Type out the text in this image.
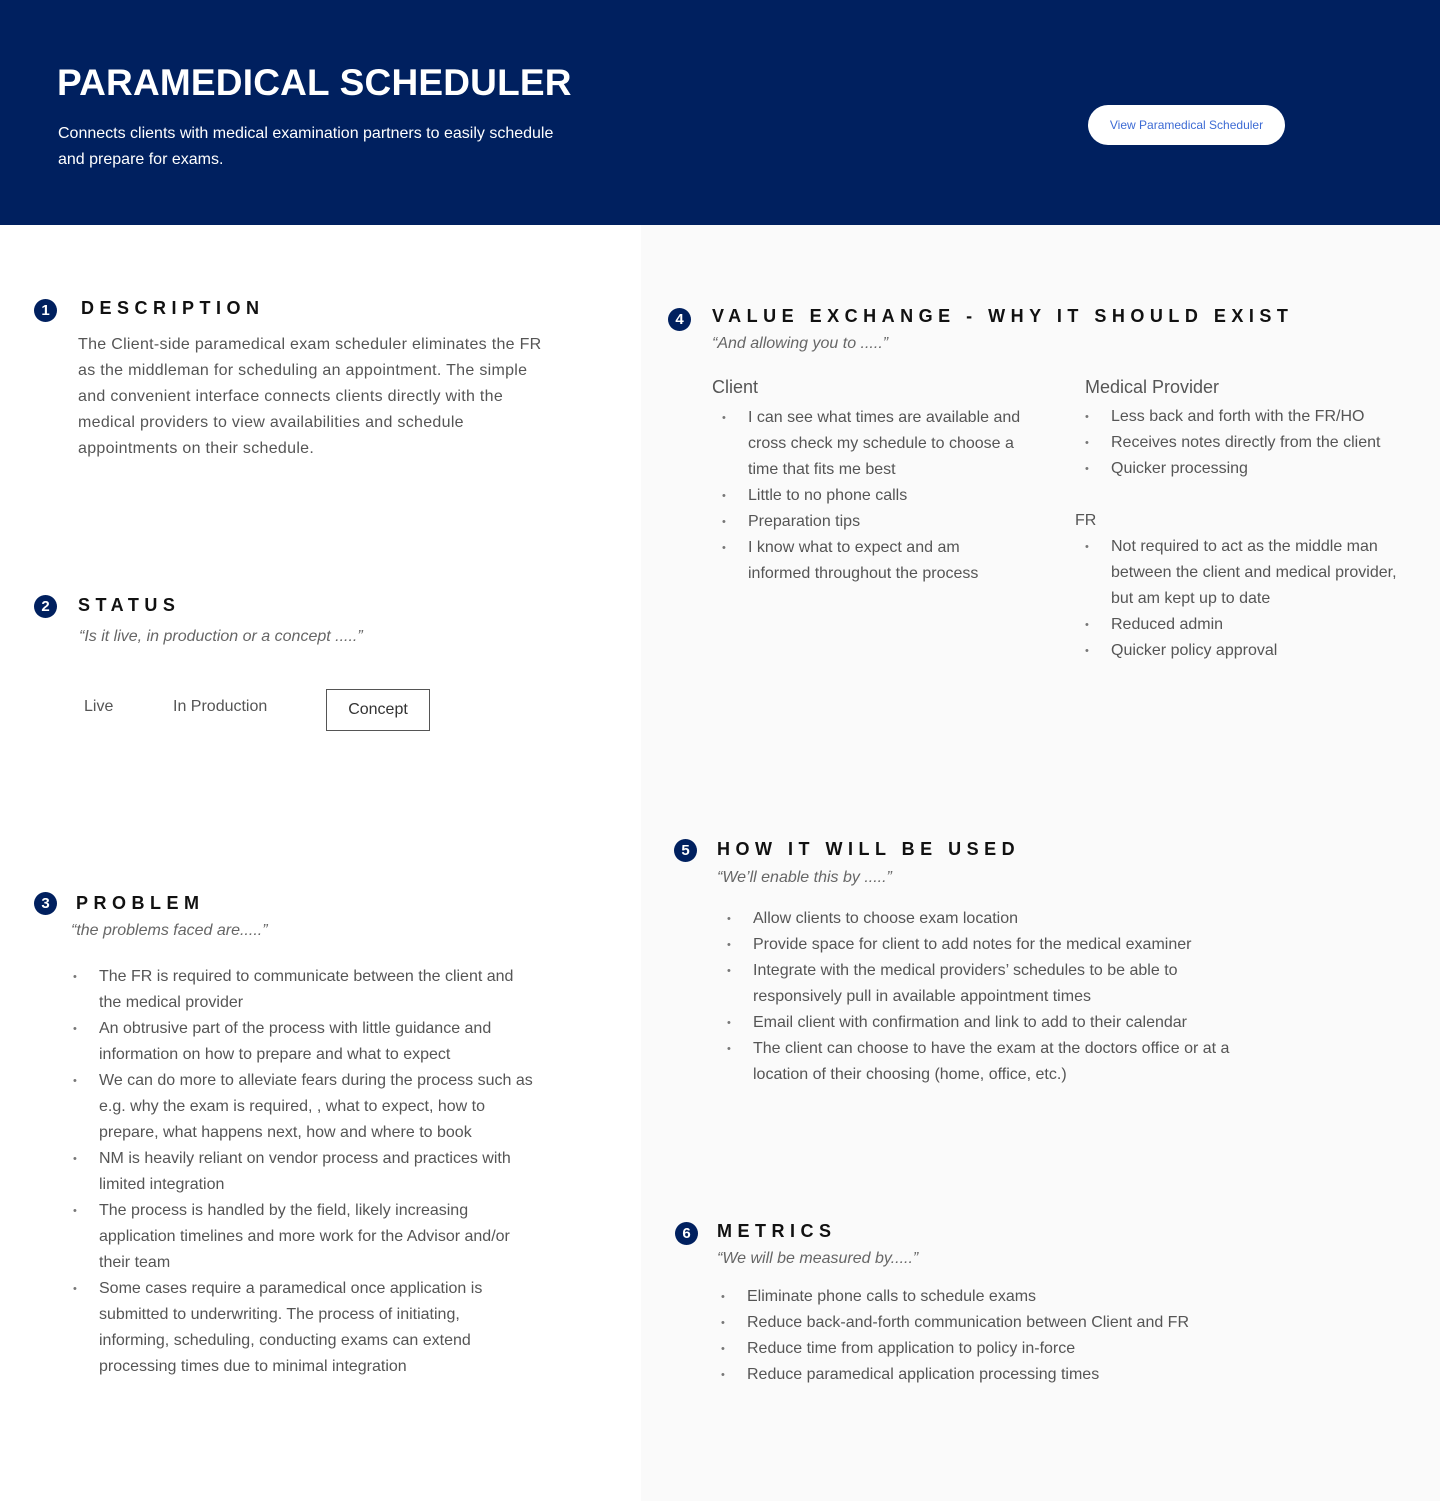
PARAMEDICAL SCHEDULER
Connects clients with medical examination partners to easily schedule and prepare for exams.
View Paramedical Scheduler
1	DESCRIPTION
The Client-side paramedical exam scheduler eliminates the FR as the middleman for scheduling an appointment. The simple and convenient interface connects clients directly with the medical providers to view availabilities and schedule appointments on their schedule.
2	STATUS
“Is it live, in production or a concept .....”
Live	In Production	Concept
3	PROBLEM
“the problems faced are.....”
• The FR is required to communicate between the client and the medical provider
• An obtrusive part of the process with little guidance and information on how to prepare and what to expect
• We can do more to alleviate fears during the process such as e.g. why the exam is required, , what to expect, how to prepare, what happens next, how and where to book
• NM is heavily reliant on vendor process and practices with limited integration
• The process is handled by the field, likely increasing application timelines and more work for the Advisor and/or their team
• Some cases require a paramedical once application is submitted to underwriting. The process of initiating, informing, scheduling, conducting exams can extend processing times due to minimal integration
4	VALUE EXCHANGE - WHY IT SHOULD EXIST
“And allowing you to .....”
Client
• I can see what times are available and cross check my schedule to choose a time that fits me best
• Little to no phone calls
• Preparation tips
• I know what to expect and am informed throughout the process
Medical Provider
• Less back and forth with the FR/HO
• Receives notes directly from the client
• Quicker processing
FR
• Not required to act as the middle man between the client and medical provider, but am kept up to date
• Reduced admin
• Quicker policy approval
5	HOW IT WILL BE USED
“We’ll enable this by .....”
• Allow clients to choose exam location
• Provide space for client to add notes for the medical examiner
• Integrate with the medical providers’ schedules to be able to responsively pull in available appointment times
• Email client with confirmation and link to add to their calendar
• The client can choose to have the exam at the doctors office or at a location of their choosing (home, office, etc.)
6	METRICS
“We will be measured by.....”
• Eliminate phone calls to schedule exams
• Reduce back-and-forth communication between Client and FR
• Reduce time from application to policy in-force
• Reduce paramedical application processing times
